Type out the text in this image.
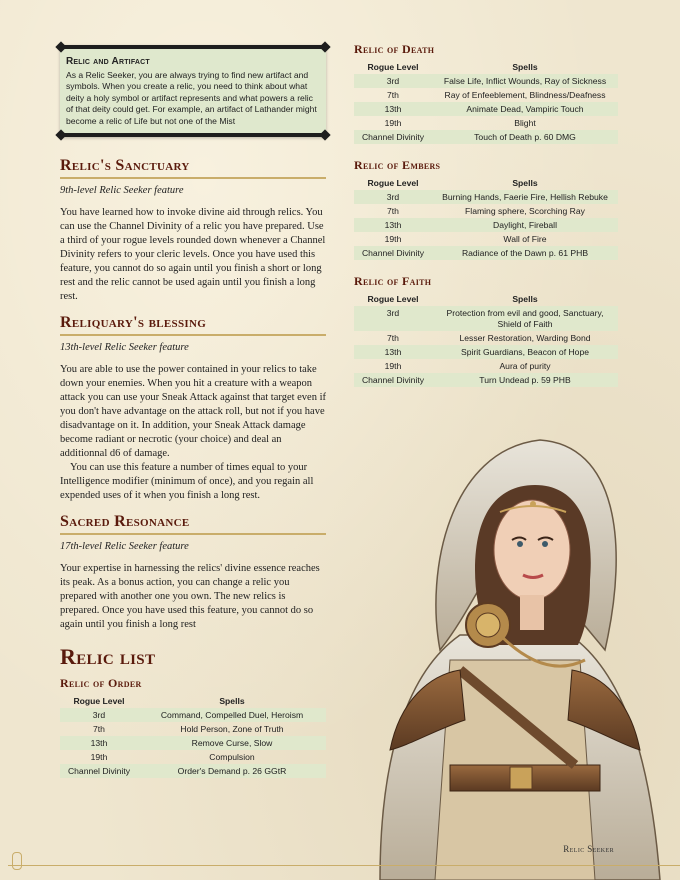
Relic and Artifact
As a Relic Seeker, you are always trying to find new artifact and symbols. When you create a relic, you need to think about what deity a holy symbol or artifact represents and what powers a relic of that deity could get. For example, an artifact of Lathander might become a relic of Life but not one of the Mist
Relic's Sanctuary
9th-level Relic Seeker feature

You have learned how to invoke divine aid through relics. You can use the Channel Divinity of a relic you have prepared. Use a third of your rogue levels rounded down whenever a Channel Divinity refers to your cleric levels. Once you have used this feature, you cannot do so again until you finish a short or long rest and the relic cannot be used again until you finish a long rest.

Reliquary's blessing
13th-level Relic Seeker feature

You are able to use the power contained in your relics to take down your enemies. When you hit a creature with a weapon attack you can use your Sneak Attack against that target even if you don't have advantage on the attack roll, but not if you have disadvantage on it. In addition, your Sneak Attack damage become radiant or necrotic (your choice) and deal an additionnal d6 of damage.

You can use this feature a number of times equal to your Intelligence modifier (minimum of once), and you regain all expended uses of it when you finish a long rest.

Sacred Resonance
17th-level Relic Seeker feature

Your expertise in harnessing the relics' divine essence reaches its peak. As a bonus action, you can change a relic you prepared with another one you own. The new relics is prepared. Once you have used this feature, you cannot do so again until you finish a long rest

Relic list
Relic of Order
Rogue Level	Spells
3rd	Command, Compelled Duel, Heroism
7th	Hold Person, Zone of Truth
13th	Remove Curse, Slow
19th	Compulsion
Channel Divinity	Order's Demand p. 26 GGtR
Relic of Death
Rogue Level	Spells
3rd	False Life, Inflict Wounds, Ray of Sickness
7th	Ray of Enfeeblement, Blindness/Deafness
13th	Animate Dead, Vampiric Touch
19th	Blight
Channel Divinity	Touch of Death p. 60 DMG
Relic of Embers
Rogue Level	Spells
3rd	Burning Hands, Faerie Fire, Hellish Rebuke
7th	Flaming sphere, Scorching Ray
13th	Daylight, Fireball
19th	Wall of Fire
Channel Divinity	Radiance of the Dawn p. 61 PHB
Relic of Faith
Rogue Level	Spells
3rd	Protection from evil and good, Sanctuary, Shield of Faith
7th	Lesser Restoration, Warding Bond
13th	Spirit Guardians, Beacon of Hope
19th	Aura of purity
Channel Divinity	Turn Undead p. 59 PHB
Relic Seeker
